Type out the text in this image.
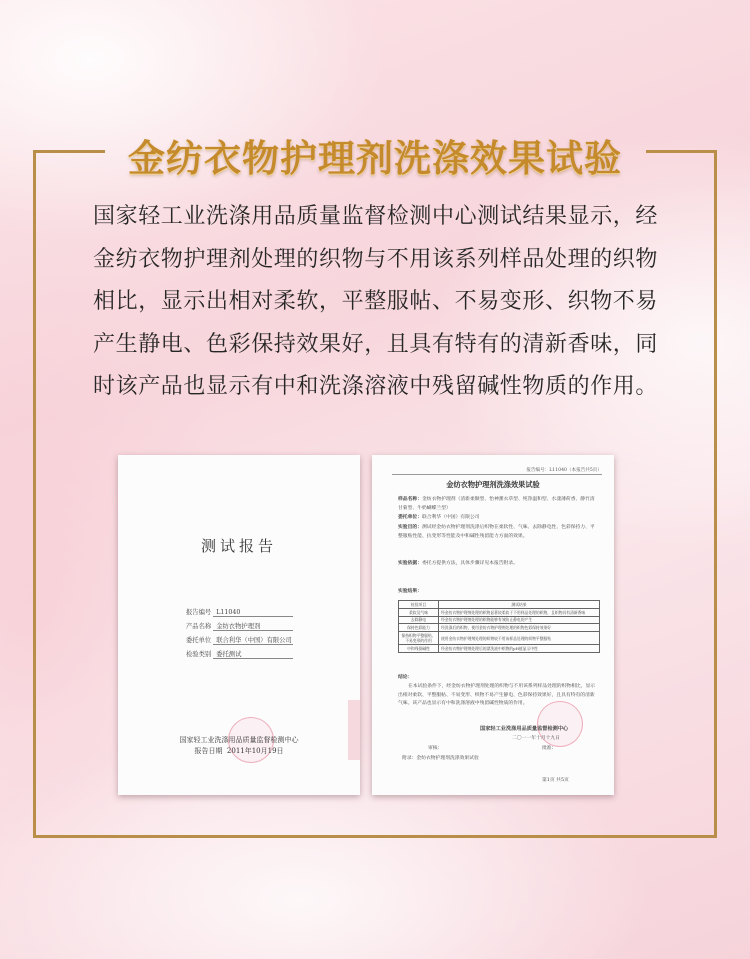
金纺衣物护理剂洗涤效果试验
国家轻工业洗涤用品质量监督检测中心测试结果显示，经金纺衣物护理剂处理的织物与不用该系列样品处理的织物相比，显示出相对柔软，平整服帖、不易变形、织物不易产生静电、色彩保持效果好，且具有特有的清新香味，同时该产品也显示有中和洗涤溶液中残留碱性物质的作用。
测试报告
报告编号 L11040
产品名称 金纺衣物护理剂
委托单位 联合利华（中国）有限公司
检验类别 委托测试
国家轻工业洗涤用品质量监督检测中心
报告日期 2011年10月19日
报告编号：L11040（本报告共5页）
金纺衣物护理剂洗涤效果试验
样品名称：金纺衣物护理剂（清新柔顺型、怡神薰衣草型、纯净温和型、水漾薄荷香、静竹清甘菊型、牛奶蝴蝶兰型）
委托单位：联合利华（中国）有限公司
实验目的：测试经金纺衣物护理剂洗涤后织物在柔软性、气味、去除静电性、色彩保持力、平整服贴性能、抗变形等性能及中和碱性残留能力方面的效果。
实验依据：委托方提供方法，具体步骤详见本报告附录。
实验结果：
检验项目	测试结果
柔软及气味	经金纺衣物护理剂处理的织物显著较柔软于不用样品处理的织物，且织物具有清新香味
去除静电	经金纺衣物护理剂处理的织物能够有效防止静电的产生
保持色彩能力	经洗涤后的织物，使用金纺衣物护理剂处理的织物色彩保持效果好
保持织物平整服贴、不易变形的作用	使用金纺衣物护理剂处理的织物较不用该样品处理的织物平整服贴
中和残留碱性	经金纺衣物护理剂处理后的漂洗液中织物的pH值显示中性
结论：
在本试验条件下，经金纺衣物护理剂处理的织物与不用该系列样品处理的织物相比，显示出相对柔软、平整服帖、不易变形、织物不易产生静电、色彩保持效果好，且具有特有的清新气味。该产品也显示有中和洗涤溶液中残留碱性物质的作用。
国家轻工业洗涤用品质量监督检测中心
二〇一一年十月十九日
审核：	批准：
附录：金纺衣物护理剂洗涤效果试验
第1页 共5页
